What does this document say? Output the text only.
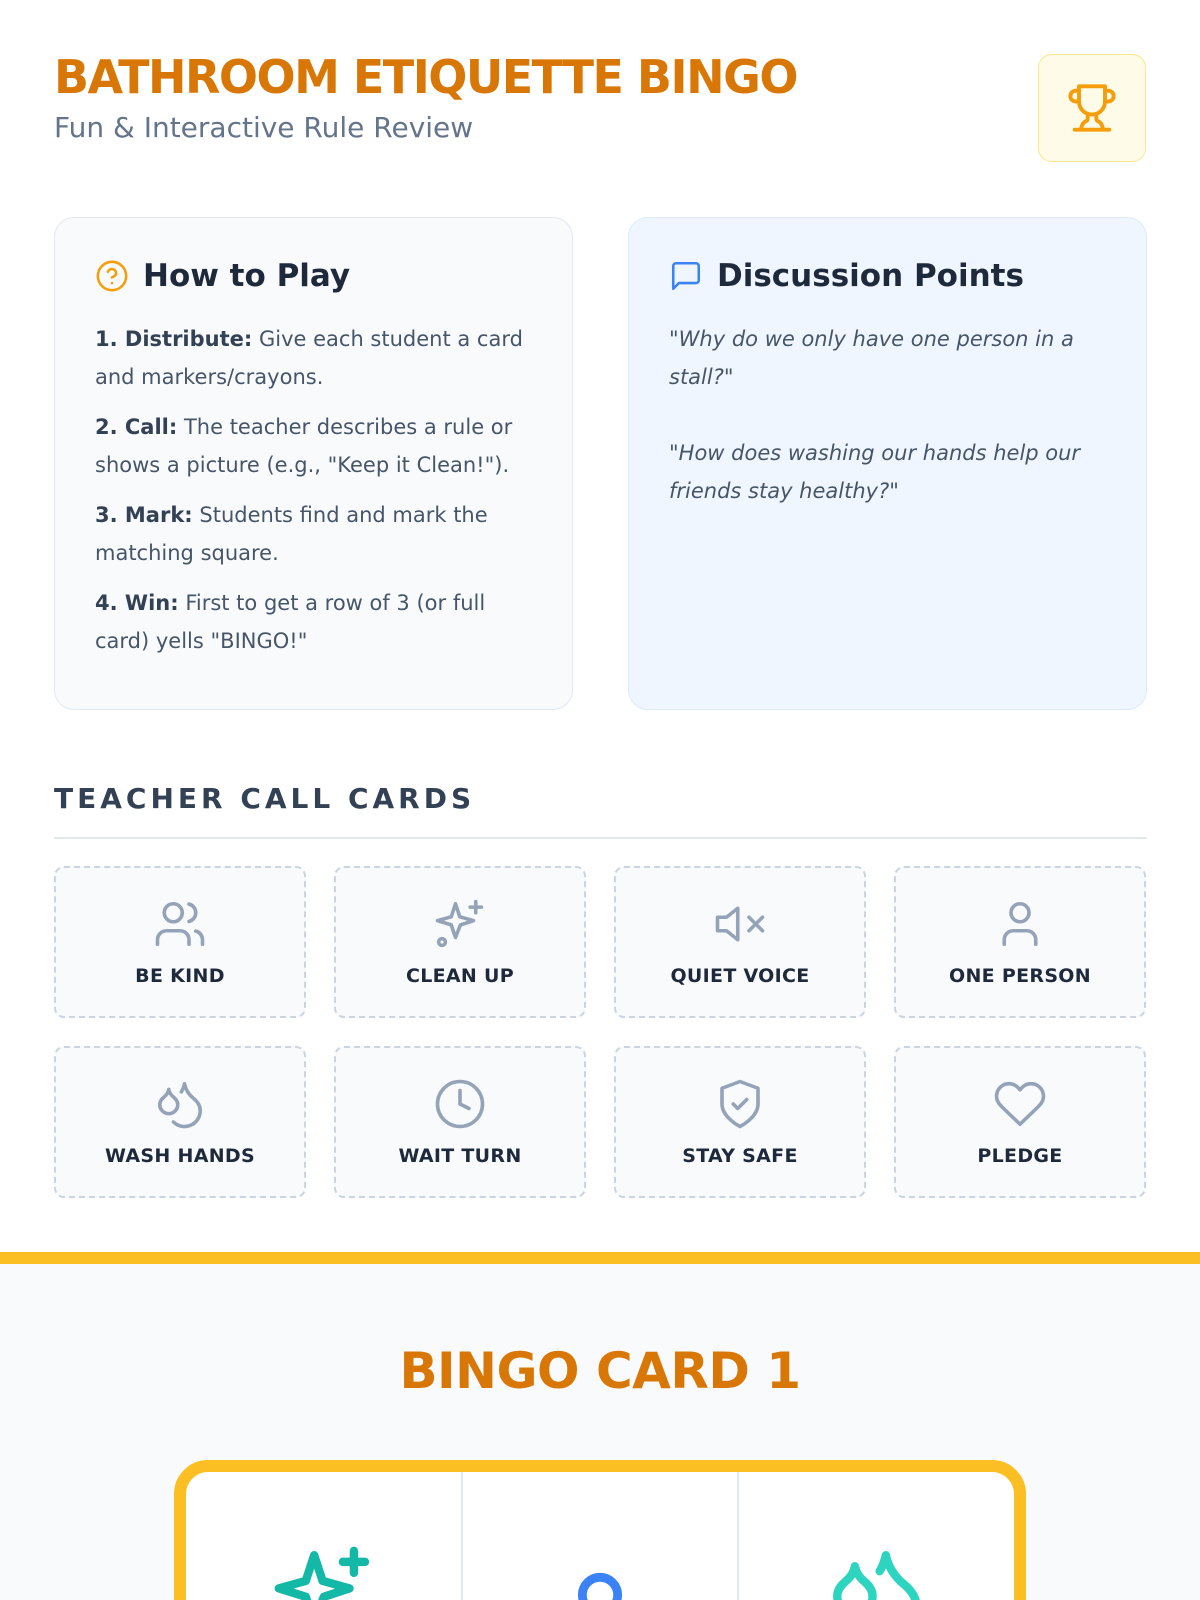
BATHROOM ETIQUETTE BINGO
Fun & Interactive Rule Review
How to Play
1. Distribute: Give each student a card and markers/crayons.
2. Call: The teacher describes a rule or shows a picture (e.g., "Keep it Clean!").
3. Mark: Students find and mark the matching square.
4. Win: First to get a row of 3 (or full card) yells "BINGO!"
Discussion Points
"Why do we only have one person in a stall?"
"How does washing our hands help our friends stay healthy?"
TEACHER CALL CARDS
BE KIND	CLEAN UP	QUIET VOICE	ONE PERSON
WASH HANDS	WAIT TURN	STAY SAFE	PLEDGE
BINGO CARD 1
